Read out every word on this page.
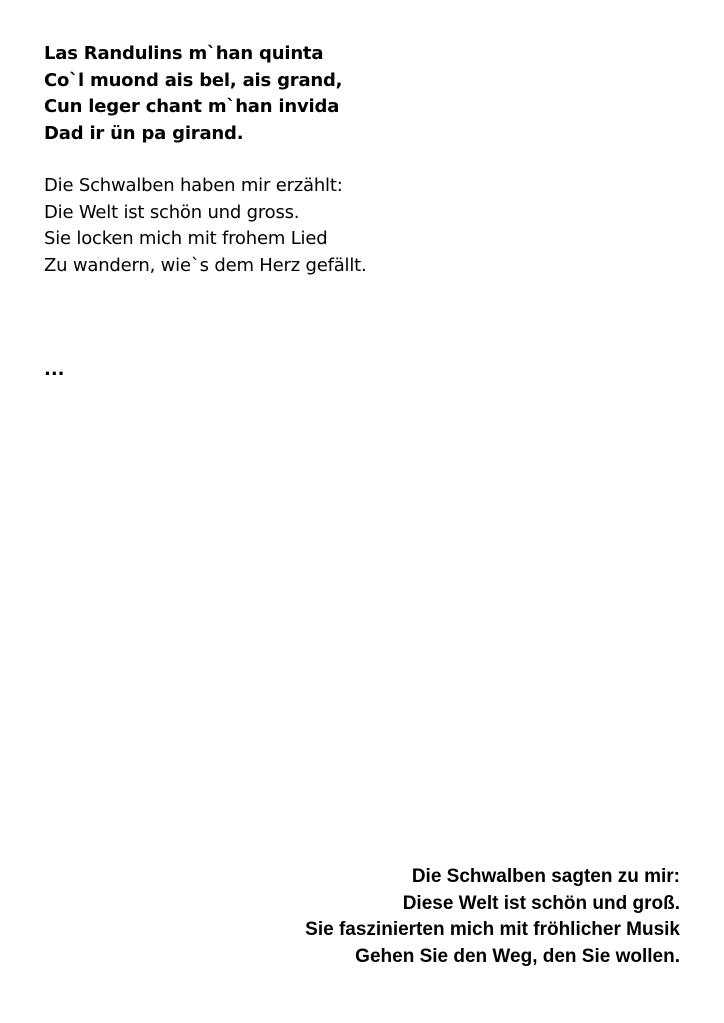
Las Randulins m`han quinta
Co`l muond ais bel, ais grand,
Cun leger chant m`han invida
Dad ir ün pa girand.
Die Schwalben haben mir erzählt:
Die Welt ist schön und gross.
Sie locken mich mit frohem Lied
Zu wandern, wie`s dem Herz gefällt.
...
Die Schwalben sagten zu mir:
Diese Welt ist schön und groß.
Sie faszinierten mich mit fröhlicher Musik
Gehen Sie den Weg, den Sie wollen.
